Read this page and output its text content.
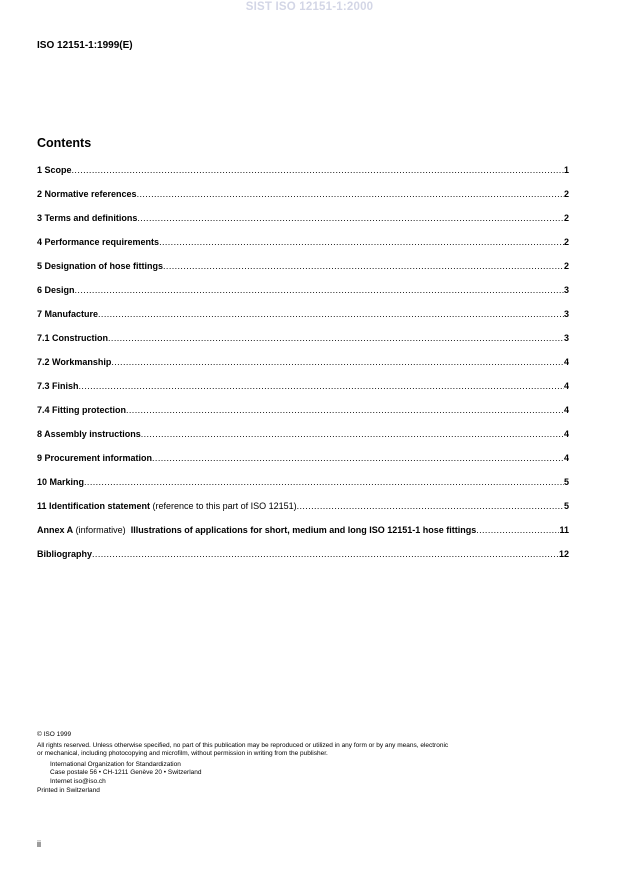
SIST ISO 12151-1:2000
ISO 12151-1:1999(E)
Contents
1 Scope .....	1
2 Normative references .....	2
3 Terms and definitions .....	2
4 Performance requirements .....	2
5 Designation of hose fittings .....	2
6 Design .....	3
7 Manufacture .....	3
7.1 Construction .....	3
7.2 Workmanship .....	4
7.3 Finish .....	4
7.4 Fitting protection .....	4
8 Assembly instructions .....	4
9 Procurement information .....	4
10 Marking .....	5
11 Identification statement (reference to this part of ISO 12151) .....	5
Annex A (informative)  Illustrations of applications for short, medium and long ISO 12151-1 hose fittings .....	11
Bibliography .....	12

© ISO 1999

All rights reserved. Unless otherwise specified, no part of this publication may be reproduced or utilized in any form or by any means, electronic

or mechanical, including photocopying and microfilm, without permission in writing from the publisher.

International Organization for Standardization

Case postale 56 • CH-1211 Genève 20 • Switzerland

Internet iso@iso.ch

Printed in Switzerland

ii
